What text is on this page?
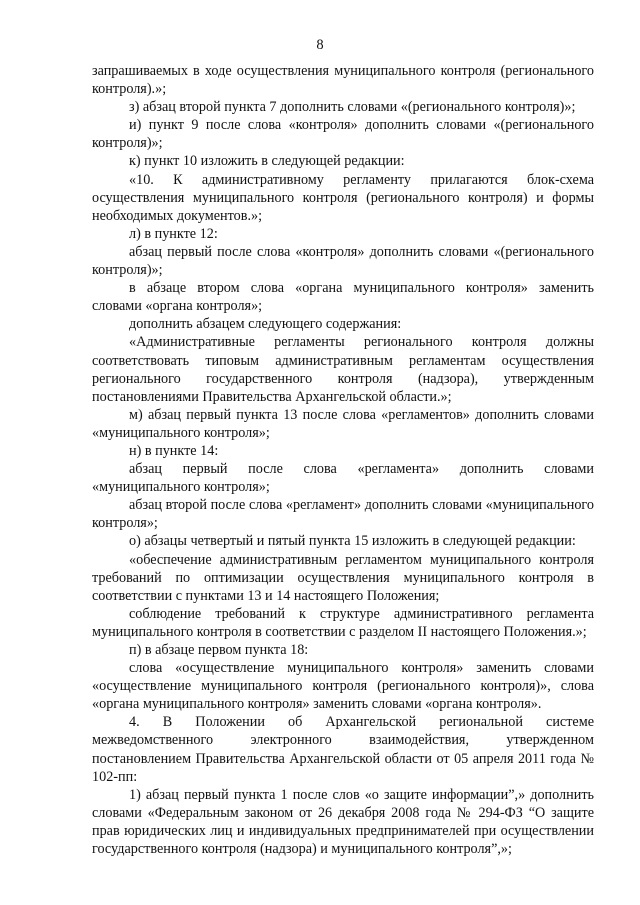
8

запрашиваемых в ходе осуществления муниципального контроля (регионального контроля).»;

з) абзац второй пункта 7 дополнить словами «(регионального контроля)»;

и) пункт 9 после слова «контроля» дополнить словами «(регионального контроля)»;

к) пункт 10 изложить в следующей редакции:

«10. К административному регламенту прилагаются блок-схема осуществления муниципального контроля (регионального контроля) и формы необходимых документов.»;

л) в пункте 12:

абзац первый после слова «контроля» дополнить словами «(регионального контроля)»;

в абзаце втором слова «органа муниципального контроля» заменить словами «органа контроля»;

дополнить абзацем следующего содержания:

«Административные регламенты регионального контроля должны соответствовать типовым административным регламентам осуществления регионального государственного контроля (надзора), утвержденным постановлениями Правительства Архангельской области.»;

м) абзац первый пункта 13 после слова «регламентов» дополнить словами «муниципального контроля»;

н) в пункте 14:

абзац первый после слова «регламента» дополнить словами «муниципального контроля»;

абзац второй после слова «регламент» дополнить словами «муниципального контроля»;

о) абзацы четвертый и пятый пункта 15 изложить в следующей редакции:

«обеспечение административным регламентом муниципального контроля требований по оптимизации осуществления муниципального контроля в соответствии с пунктами 13 и 14 настоящего Положения;

соблюдение требований к структуре административного регламента муниципального контроля в соответствии с разделом II настоящего Положения.»;

п) в абзаце первом пункта 18:

слова «осуществление муниципального контроля» заменить словами «осуществление муниципального контроля (регионального контроля)», слова «органа муниципального контроля» заменить словами «органа контроля».

4. В Положении об Архангельской региональной системе межведомственного электронного взаимодействия, утвержденном постановлением Правительства Архангельской области от 05 апреля 2011 года № 102-пп:

1) абзац первый пункта 1 после слов «о защите информации”,» дополнить словами «Федеральным законом от 26 декабря 2008 года № 294-ФЗ “О защите прав юридических лиц и индивидуальных предпринимателей при осуществлении государственного контроля (надзора) и муниципального контроля”,»;
